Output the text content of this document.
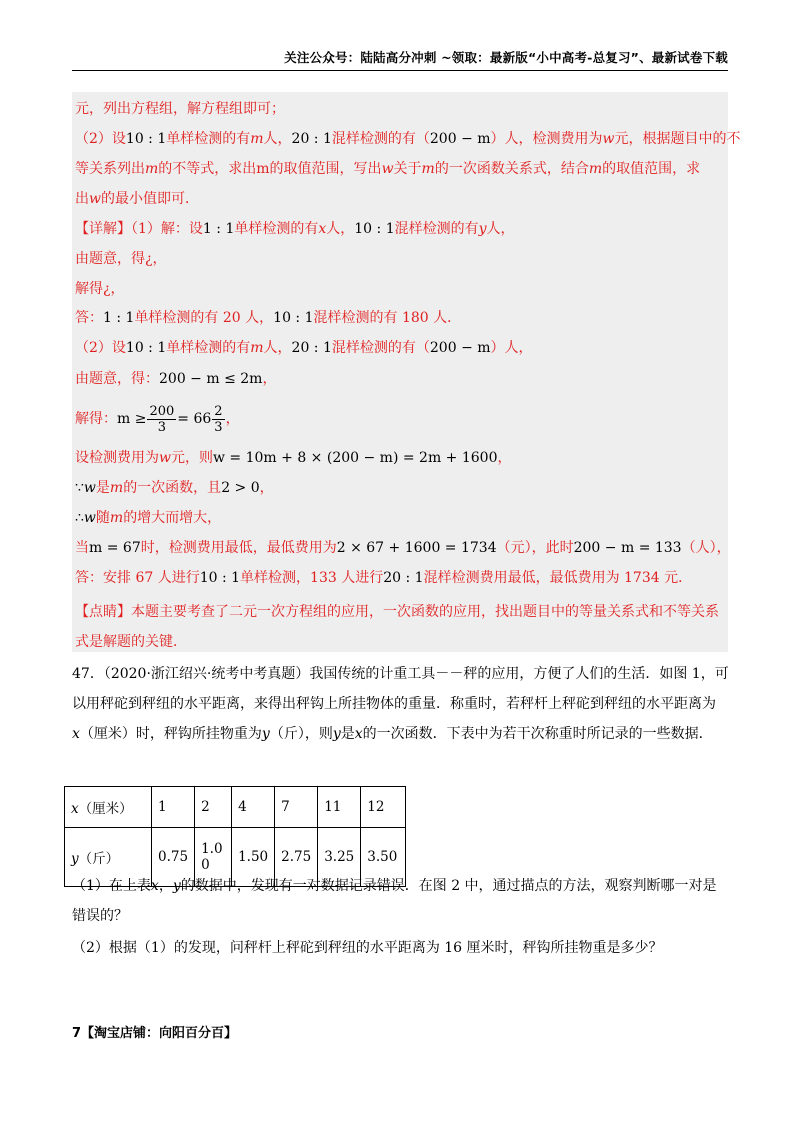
关注公众号：陆陆高分冲刺 ~领取：最新版“小中高考-总复习”、最新试卷下载
元，列出方程组，解方程组即可；
（2）设10 : 1单样检测的有m人，20 : 1混样检测的有（200 − m）人，检测费用为w元，根据题目中的不
等关系列出m的不等式，求出m的取值范围，写出w关于m的一次函数关系式，结合m的取值范围，求
出w的最小值即可．
【详解】（1）解：设1 : 1单样检测的有x人，10 : 1混样检测的有y人，
由题意，得¿，
解得¿，
答：1 : 1单样检测的有 20 人，10 : 1混样检测的有 180 人．
（2）设10 : 1单样检测的有m人，20 : 1混样检测的有（200 − m）人，
由题意，得：200 − m ≤ 2m，
解得：$m \ge \frac{200}{3} = 66 \frac{2}{3}$ ，
设检测费用为w元，则w = 10m + 8 × (200 − m) = 2m + 1600，
∵w是m的一次函数，且2 > 0，
∴w随m的增大而增大，
当m = 67时，检测费用最低，最低费用为2 × 67 + 1600 = 1734（元），此时200 − m = 133（人），
答：安排 67 人进行10 : 1单样检测，133 人进行20 : 1混样检测费用最低，最低费用为 1734 元．
【点睛】本题主要考查了二元一次方程组的应用，一次函数的应用，找出题目中的等量关系式和不等关系
式是解题的关键．
47．（2020·浙江绍兴·统考中考真题）我国传统的计重工具－－秤的应用，方便了人们的生活．如图 1，可
以用秤砣到秤纽的水平距离，来得出秤钩上所挂物体的重量．称重时，若秤杆上秤砣到秤纽的水平距离为
x（厘米）时，秤钩所挂物重为y（斤），则y是x的一次函数．下表中为若干次称重时所记录的一些数据．
x（厘米）	1	2	4	7	11	12
y（斤）	0.75	1.0
0	1.50	2.75	3.25	3.50
（1）在上表x，y的数据中，发现有一对数据记录错误．在图 2 中，通过描点的方法，观察判断哪一对是
错误的？
（2）根据（1）的发现，问秤杆上秤砣到秤纽的水平距离为 16 厘米时，秤钩所挂物重是多少？
7【淘宝店铺：向阳百分百】
